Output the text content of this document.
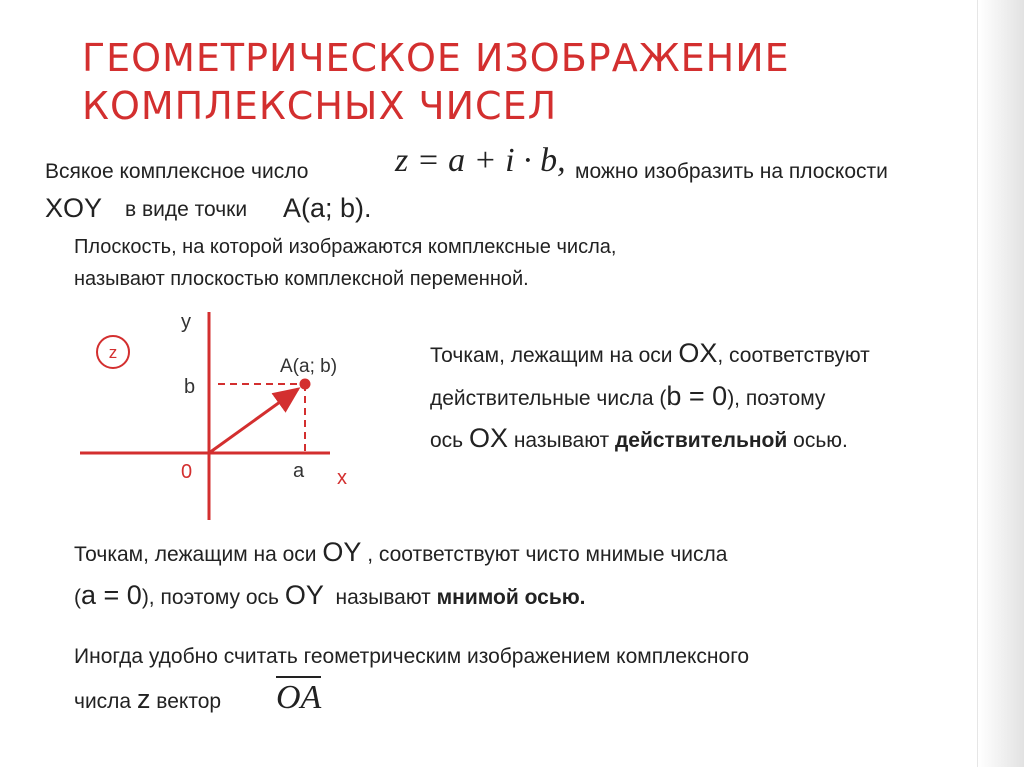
ГЕОМЕТРИЧЕСКОЕ ИЗОБРАЖЕНИЕ
КОМПЛЕКСНЫХ ЧИСЕЛ
Всякое комплексное число	z = a + i · b, можно изобразить на плоскости
XOY в виде точки A(a; b).
Плоскость, на которой изображаются комплексные числа,
называют плоскостью комплексной переменной.
z
y
x
0
b
a
A(a; b)	Точкам, лежащим на оси OX, соответствуют
действительные числа (b = 0), поэтому
ось OX называют действительной осью.
Точкам, лежащим на оси OY , соответствуют чисто мнимые числа
(a = 0), поэтому ось OY называют мнимой осью.
Иногда удобно считать геометрическим изображением комплексного
числа z вектор OA
